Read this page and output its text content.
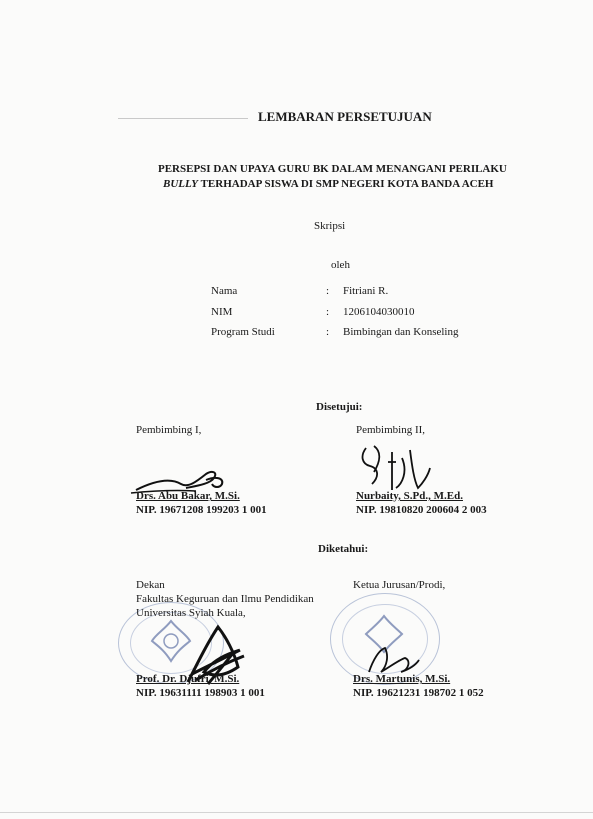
LEMBARAN PERSETUJUAN
PERSEPSI DAN UPAYA GURU BK DALAM MENANGANI PERILAKU
BULLY TERHADAP SISWA DI SMP NEGERI KOTA BANDA ACEH
Skripsi
oleh
Nama	: Fitriani R.
NIM	: 1206104030010
Program Studi	: Bimbingan dan Konseling
Disetujui:
Pembimbing I,	Pembimbing II,
Drs. Abu Bakar, M.Si.
NIP. 19671208 199203 1 001
Nurbaity, S.Pd., M.Ed.
NIP. 19810820 200604 2 003
Diketahui:
Dekan
Fakultas Keguruan dan Ilmu Pendidikan
Universitas Syiah Kuala,
Prof. Dr. Djufri, M.Si.
NIP. 19631111 198903 1 001
Ketua Jurusan/Prodi,
Drs. Martunis, M.Si.
NIP. 19621231 198702 1 052
